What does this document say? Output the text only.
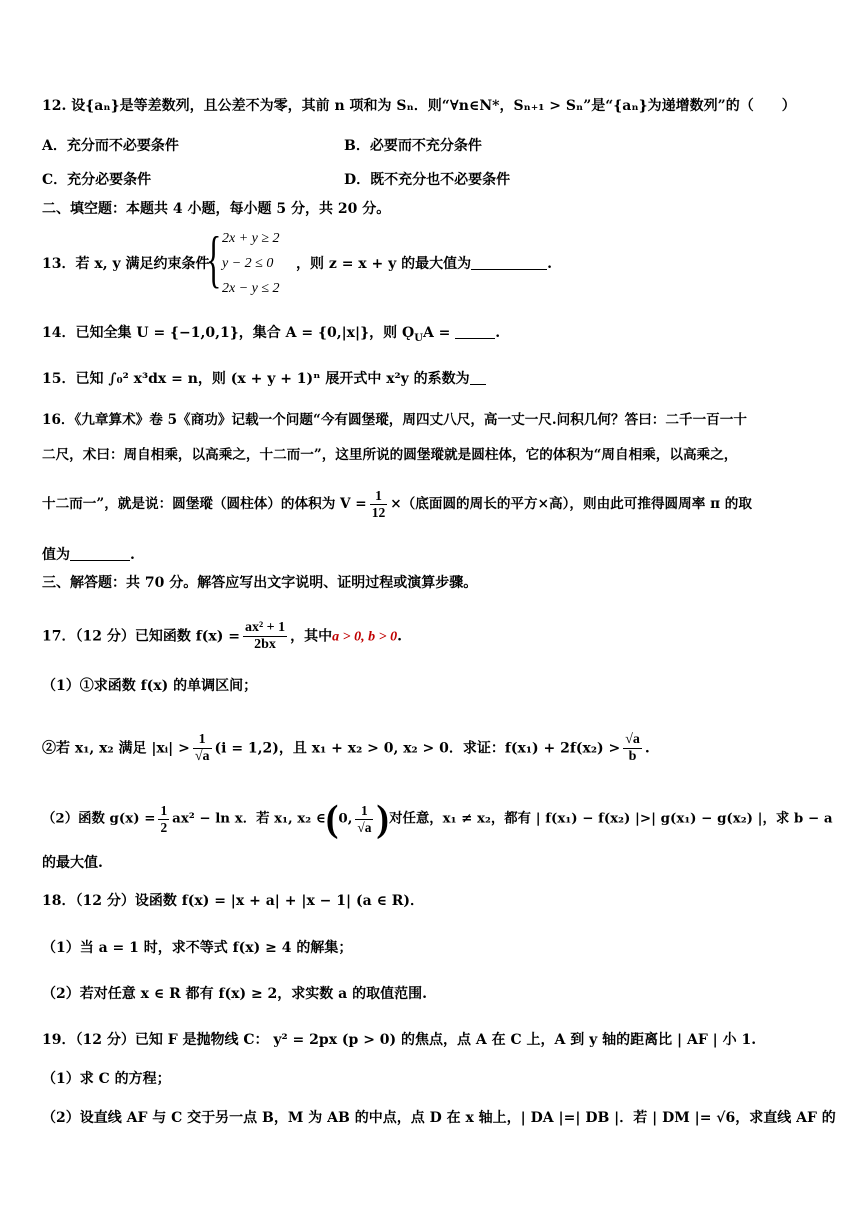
12. 设{aₙ}是等差数列，且公差不为零，其前 n 项和为 Sₙ．则“∀n∈N*，Sₙ₊₁ > Sₙ”是“{aₙ}为递增数列”的（　　）
A．充分而不必要条件	B．必要而不充分条件
C．充分必要条件	D．既不充分也不必要条件
二、填空题：本题共 4 小题，每小题 5 分，共 20 分。
13．若 x, y 满足约束条件
{ 2x + y ≥ 2
y − 2 ≤ 0
2x − y ≤ 2
，则 z = x + y 的最大值为	.
14．已知全集 U = {−1,0,1}，集合 A = {0,|x|}，则 $Ǫ_UA$ =	.
15．已知 ∫₀² x³dx = n，则 (x + y + 1)ⁿ 展开式中 x²y 的系数为
16．《九章算术》卷 5《商功》记载一个问题“今有圆堡瑽，周四丈八尺，高一丈一尺.问积几何？答曰：二千一百一十
二尺，术曰：周自相乘，以高乘之，十二而一”，这里所说的圆堡瑽就是圆柱体，它的体积为“周自相乘，以高乘之，
十二而一”，就是说：圆堡瑽（圆柱体）的体积为 $V = \frac{1}{12}$ ×（底面圆的周长的平方×高），则由此可推得圆周率 π 的取
值为	.
三、解答题：共 70 分。解答应写出文字说明、证明过程或演算步骤。
17．（12 分）已知函数 $f(x) = \frac{\text{ax² + 1}}{2bx}$ ，其中a > 0, b > 0.
（1）①求函数 f(x) 的单调区间；
②若 x₁, x₂ 满足 |xᵢ| > $\frac{1}{√a} (i = 1,2)$，且 x₁ + x₂ > 0, x₂ > 0．求证：$f(x_1) + 2f(x_2) > \frac{√a}{b}$ .
（2）函数 $g(x) = \frac{1}{2} ax^2 - \ln x$．若 x₁, x₂ ∈(0, $\frac{1}{√a}$ )对任意，x₁ ≠ x₂，都有 | f(x₁) − f(x₂) |>| g(x₁) − g(x₂) |，求 b − a
的最大值.
18．（12 分）设函数 f(x) = |x + a| + |x − 1| (a ∈ R)．
（1）当 a = 1 时，求不等式 f(x) ≥ 4 的解集；
（2）若对任意 x ∈ R 都有 f(x) ≥ 2，求实数 a 的取值范围.
19．（12 分）已知 F 是抛物线 C： y² = 2px (p > 0) 的焦点，点 A 在 C 上，A 到 y 轴的距离比 | AF | 小 1.
（1）求 C 的方程；
（2）设直线 AF 与 C 交于另一点 B，M 为 AB 的中点，点 D 在 x 轴上，| DA |=| DB |．若 | DM |= √6，求直线 AF 的
